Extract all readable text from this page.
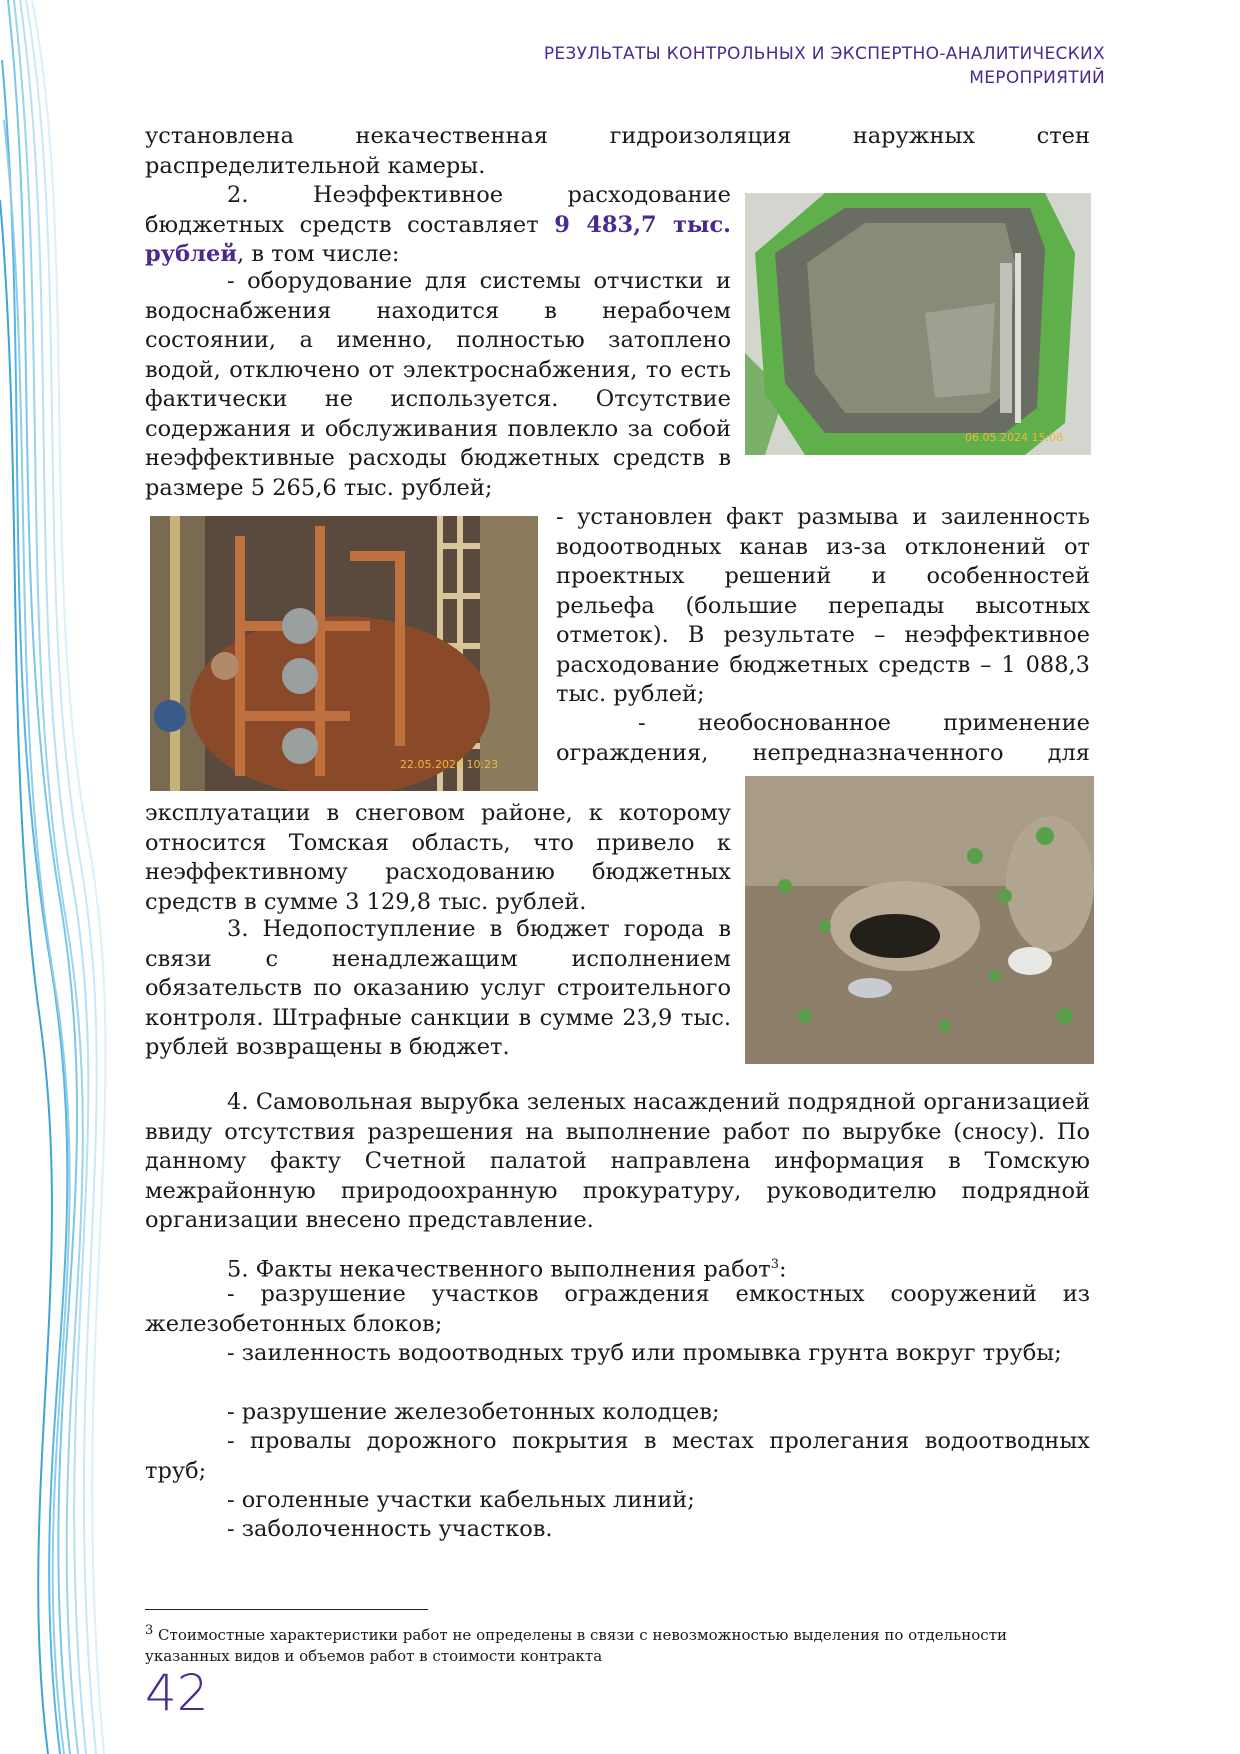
РЕЗУЛЬТАТЫ КОНТРОЛЬНЫХ И ЭКСПЕРТНО-АНАЛИТИЧЕСКИХ
МЕРОПРИЯТИЙ
установлена некачественная гидроизоляция наружных стен распределительной камеры.
2. Неэффективное расходование бюджетных средств составляет 9 483,7 тыс. рублей, в том числе:
- оборудование для системы отчистки и водоснабжения находится в нерабочем состоянии, а именно, полностью затоплено водой, отключено от электроснабжения, то есть фактически не используется. Отсутствие содержания и обслуживания повлекло за собой неэффективные расходы бюджетных средств в размере 5 265,6 тыс. рублей;
06.05.2024 15:08
22.05.2024 10:23
- установлен факт размыва и заиленность водоотводных канав из-за отклонений от проектных решений и особенностей рельефа (большие перепады высотных отметок). В результате – неэффективное расходование бюджетных средств – 1 088,3 тыс. рублей;
- необоснованное применение ограждения, непредназначенного для
эксплуатации в снеговом районе, к которому относится Томская область, что привело к неэффективному расходованию бюджетных средств в сумме 3 129,8 тыс. рублей.
3. Недопоступление в бюджет города в связи с ненадлежащим исполнением обязательств по оказанию услуг строительного контроля. Штрафные санкции в сумме 23,9 тыс. рублей возвращены в бюджет.
4. Самовольная вырубка зеленых насаждений подрядной организацией ввиду отсутствия разрешения на выполнение работ по вырубке (сносу). По данному факту Счетной палатой направлена информация в Томскую межрайонную природоохранную прокуратуру, руководителю подрядной организации внесено представление.
5. Факты некачественного выполнения работ$^3$:
- разрушение участков ограждения емкостных сооружений из железобетонных блоков;
- заиленность водоотводных труб или промывка грунта вокруг трубы;
- разрушение железобетонных колодцев;
- провалы дорожного покрытия в местах пролегания водоотводных труб;
- оголенные участки кабельных линий;
- заболоченность участков.
$^3$ Стоимостные характеристики работ не определены в связи с невозможностью выделения по отдельности указанных видов и объемов работ в стоимости контракта
42
